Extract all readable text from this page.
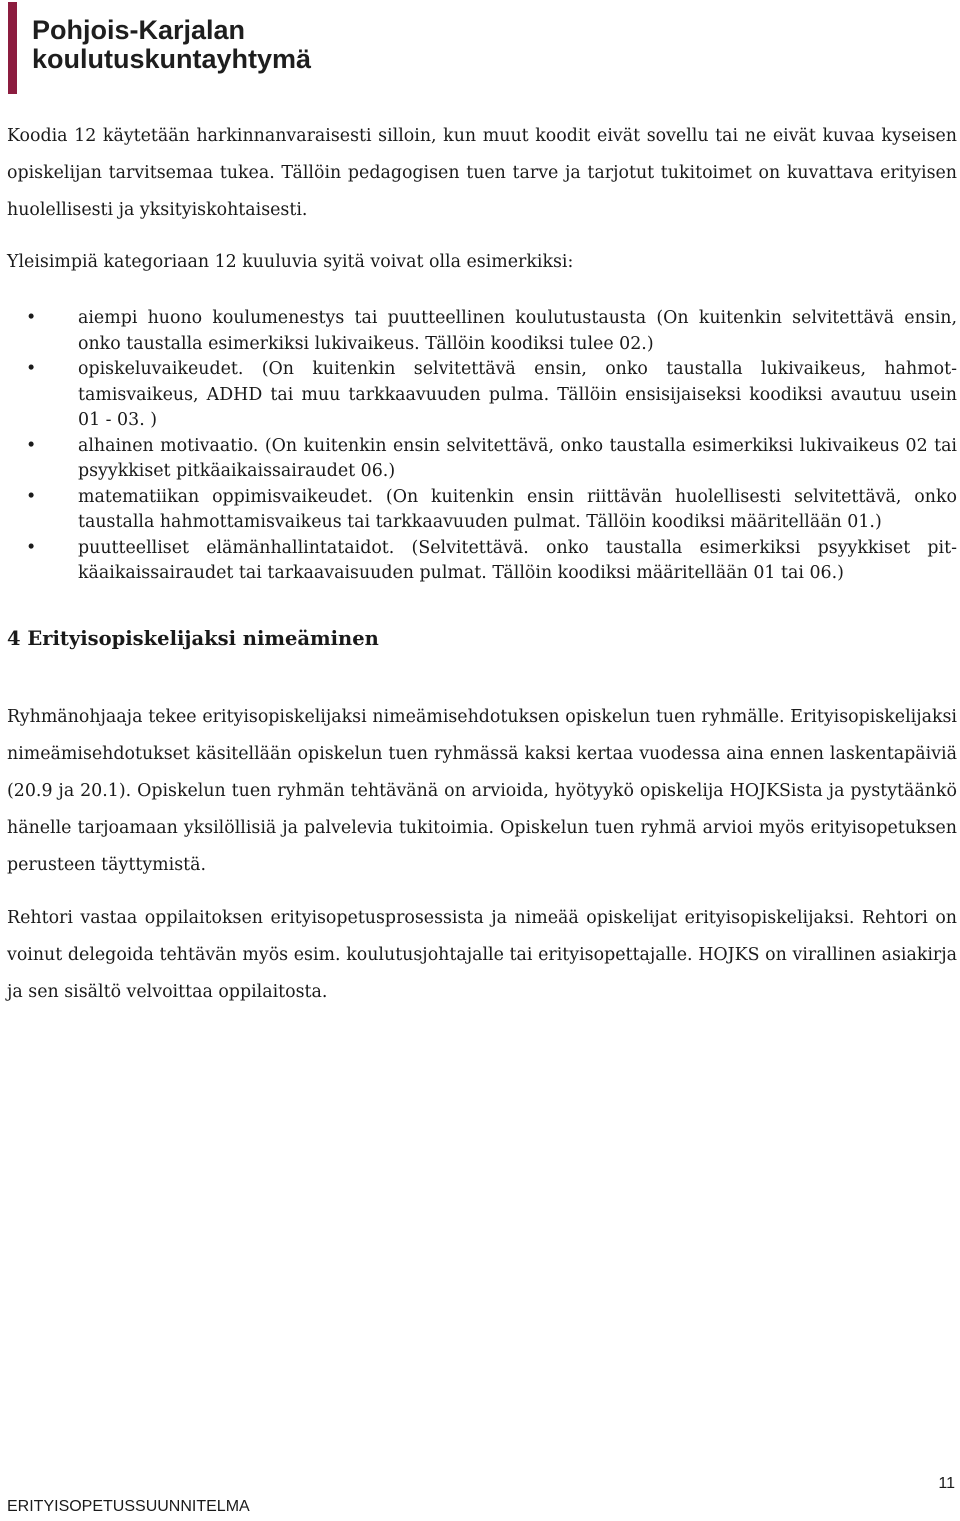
Pohjois-Karjalan
koulutuskuntayhtymä

Koodia 12 käytetään harkinnanvaraisesti silloin, kun muut koodit eivät sovellu tai ne eivät kuvaa kyseisen opiskelijan tarvitsemaa tukea. Tällöin pedagogisen tuen tarve ja tarjotut tukitoimet on kuvattava erityisen huolellisesti ja yksityiskohtaisesti.

Yleisimpiä kategoriaan 12 kuuluvia syitä voivat olla esimerkiksi:

• aiempi huono koulumenestys tai puutteellinen koulutustausta (On kuitenkin selvitettävä ensin, onko taustalla esimerkiksi lukivaikeus. Tällöin koodiksi tulee 02.)
• opiskeluvaikeudet. (On kuitenkin selvitettävä ensin, onko taustalla lukivaikeus, hahmottamisvaikeus, ADHD tai muu tarkkaavuuden pulma. Tällöin ensisijaiseksi koodiksi avautuu usein 01 - 03. )
• alhainen motivaatio. (On kuitenkin ensin selvitettävä, onko taustalla esimerkiksi lukivaikeus 02 tai psyykkiset pitkäaikaissairaudet 06.)
• matematiikan oppimisvaikeudet. (On kuitenkin ensin riittävän huolellisesti selvitettävä, onko taustalla hahmottamisvaikeus tai tarkkaavuuden pulmat. Tällöin koodiksi määritellään 01.)
• puutteelliset elämänhallintataidot. (Selvitettävä. onko taustalla esimerkiksi psyykkiset pitkäaikaissairaudet tai tarkaavaisuuden pulmat. Tällöin koodiksi määritellään 01 tai 06.)
4 Erityisopiskelijaksi nimeäminen

Ryhmänohjaaja tekee erityisopiskelijaksi nimeämisehdotuksen opiskelun tuen ryhmälle. Erityisopiskelijaksi nimeämisehdotukset käsitellään opiskelun tuen ryhmässä kaksi kertaa vuodessa aina ennen laskentapäiviä (20.9 ja 20.1). Opiskelun tuen ryhmän tehtävänä on arvioida, hyötyykö opiskelija HOJKSista ja pystytäänkö hänelle tarjoamaan yksilöllisiä ja palvelevia tukitoimia. Opiskelun tuen ryhmä arvioi myös erityisopetuksen perusteen täyttymistä.

Rehtori vastaa oppilaitoksen erityisopetusprosessista ja nimeää opiskelijat erityisopiskelijaksi. Rehtori on voinut delegoida tehtävän myös esim. koulutusjohtajalle tai erityisopettajalle. HOJKS on virallinen asiakirja ja sen sisältö velvoittaa oppilaitosta.

11
ERITYISOPETUSSUUNNITELMA
